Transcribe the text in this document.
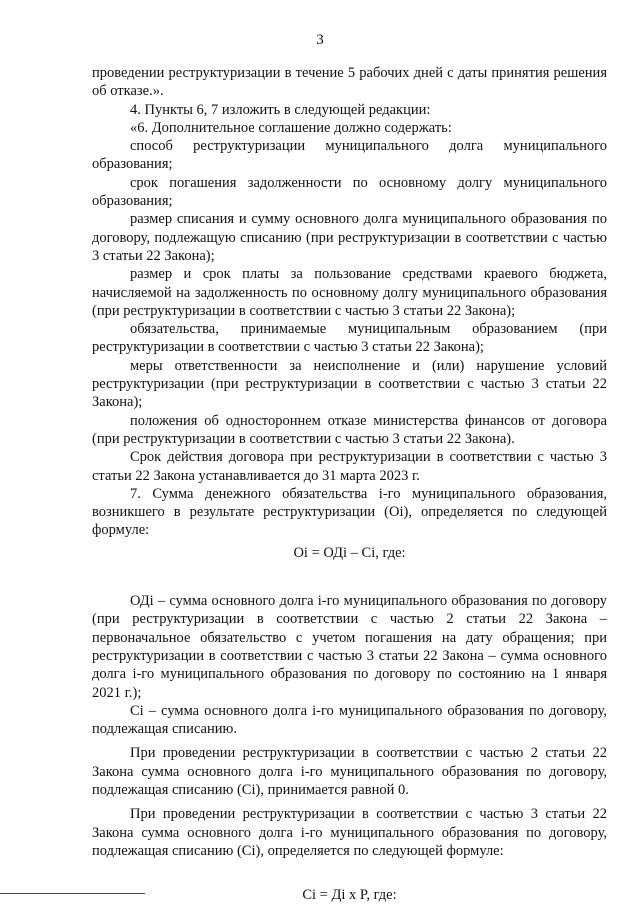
3

проведении реструктуризации в течение 5 рабочих дней с даты принятия решения об отказе.».

4. Пункты 6, 7 изложить в следующей редакции:

«6. Дополнительное соглашение должно содержать:

способ реструктуризации муниципального долга муниципального образования;

срок погашения задолженности по основному долгу муниципального образования;

размер списания и сумму основного долга муниципального образования по договору, подлежащую списанию (при реструктуризации в соответствии с частью 3 статьи 22 Закона);

размер и срок платы за пользование средствами краевого бюджета, начисляемой на задолженность по основному долгу муниципального образования (при реструктуризации в соответствии с частью 3 статьи 22 Закона);

обязательства, принимаемые муниципальным образованием (при реструктуризации в соответствии с частью 3 статьи 22 Закона);

меры ответственности за неисполнение и (или) нарушение условий реструктуризации (при реструктуризации в соответствии с частью 3 статьи 22 Закона);

положения об одностороннем отказе министерства финансов от договора (при реструктуризации в соответствии с частью 3 статьи 22 Закона).

Срок действия договора при реструктуризации в соответствии с частью 3 статьи 22 Закона устанавливается до 31 марта 2023 г.

7. Сумма денежного обязательства i-го муниципального образования, возникшего в результате реструктуризации (Oi), определяется по следующей формуле:

Oi = ОДi – Ci, где:

ОДi – сумма основного долга i-го муниципального образования по договору (при реструктуризации в соответствии с частью 2 статьи 22 Закона – первоначальное обязательство с учетом погашения на дату обращения; при реструктуризации в соответствии с частью 3 статьи 22 Закона – сумма основного долга i-го муниципального образования по договору по состоянию на 1 января 2021 г.);

Ci – сумма основного долга i-го муниципального образования по договору, подлежащая списанию.

При проведении реструктуризации в соответствии с частью 2 статьи 22 Закона сумма основного долга i-го муниципального образования по договору, подлежащая списанию (Ci), принимается равной 0.

При проведении реструктуризации в соответствии с частью 3 статьи 22 Закона сумма основного долга i-го муниципального образования по договору, подлежащая списанию (Ci), определяется по следующей формуле:

Ci = Дi x P, где:
